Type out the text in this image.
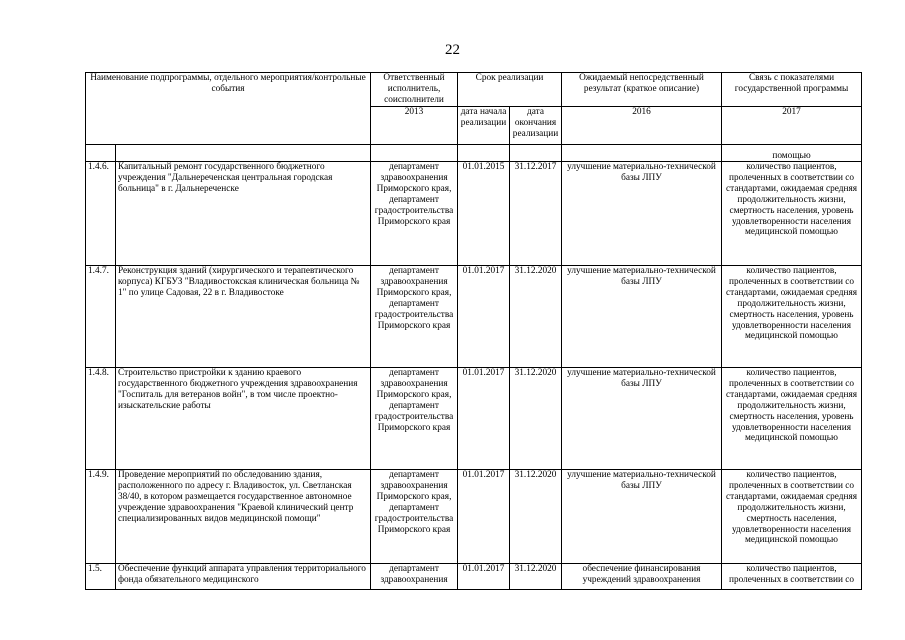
22
Наименование подпрограммы, отдельного мероприятия/контрольные события		Ответственный исполнитель, соисполнители	Срок реализации		Ожидаемый непосредственный результат (краткое описание)	Связь с показателями государственной программы
		2013	дата начала реализации	дата окончания реализации	2016	2017
						помощью
1.4.6.	Капитальный ремонт государственного бюджетного учреждения "Дальнереченская центральная городская больница" в г. Дальнереченске	департамент здравоохранения Приморского края, департамент градостроительства Приморского края	01.01.2015	31.12.2017	улучшение материально-технической базы ЛПУ	количество пациентов, пролеченных в соответствии со стандартами, ожидаемая средняя продолжительность жизни, смертность населения, уровень удовлетворенности населения медицинской помощью
1.4.7.	Реконструкция зданий (хирургического и терапевтического корпуса) КГБУЗ "Владивостокская клиническая больница № 1" по улице Садовая, 22 в г. Владивостоке	департамент здравоохранения Приморского края, департамент градостроительства Приморского края	01.01.2017	31.12.2020	улучшение материально-технической базы ЛПУ	количество пациентов, пролеченных в соответствии со стандартами, ожидаемая средняя продолжительность жизни, смертность населения, уровень удовлетворенности населения медицинской помощью
1.4.8.	Строительство пристройки к зданию краевого государственного бюджетного учреждения здравоохранения "Госпиталь для ветеранов войн", в том числе проектно-изыскательские работы	департамент здравоохранения Приморского края, департамент градостроительства Приморского края	01.01.2017	31.12.2020	улучшение материально-технической базы ЛПУ	количество пациентов, пролеченных в соответствии со стандартами, ожидаемая средняя продолжительность жизни, смертность населения, уровень удовлетворенности населения медицинской помощью
1.4.9.	Проведение мероприятий по обследованию здания, расположенного по адресу г. Владивосток, ул. Светланская 38/40, в котором размещается государственное автономное учреждение здравоохранения "Краевой клинический центр специализированных видов медицинской помощи"	департамент здравоохранения Приморского края, департамент градостроительства Приморского края	01.01.2017	31.12.2020	улучшение материально-технической базы ЛПУ	количество пациентов, пролеченных в соответствии со стандартами, ожидаемая средняя продолжительность жизни, смертность населения, удовлетворенности населения медицинской помощью
1.5.	Обеспечение функций аппарата управления территориального фонда обязательного медицинского	департамент здравоохранения	01.01.2017	31.12.2020	обеспечение финансирования учреждений здравоохранения	количество пациентов, пролеченных в соответствии со
